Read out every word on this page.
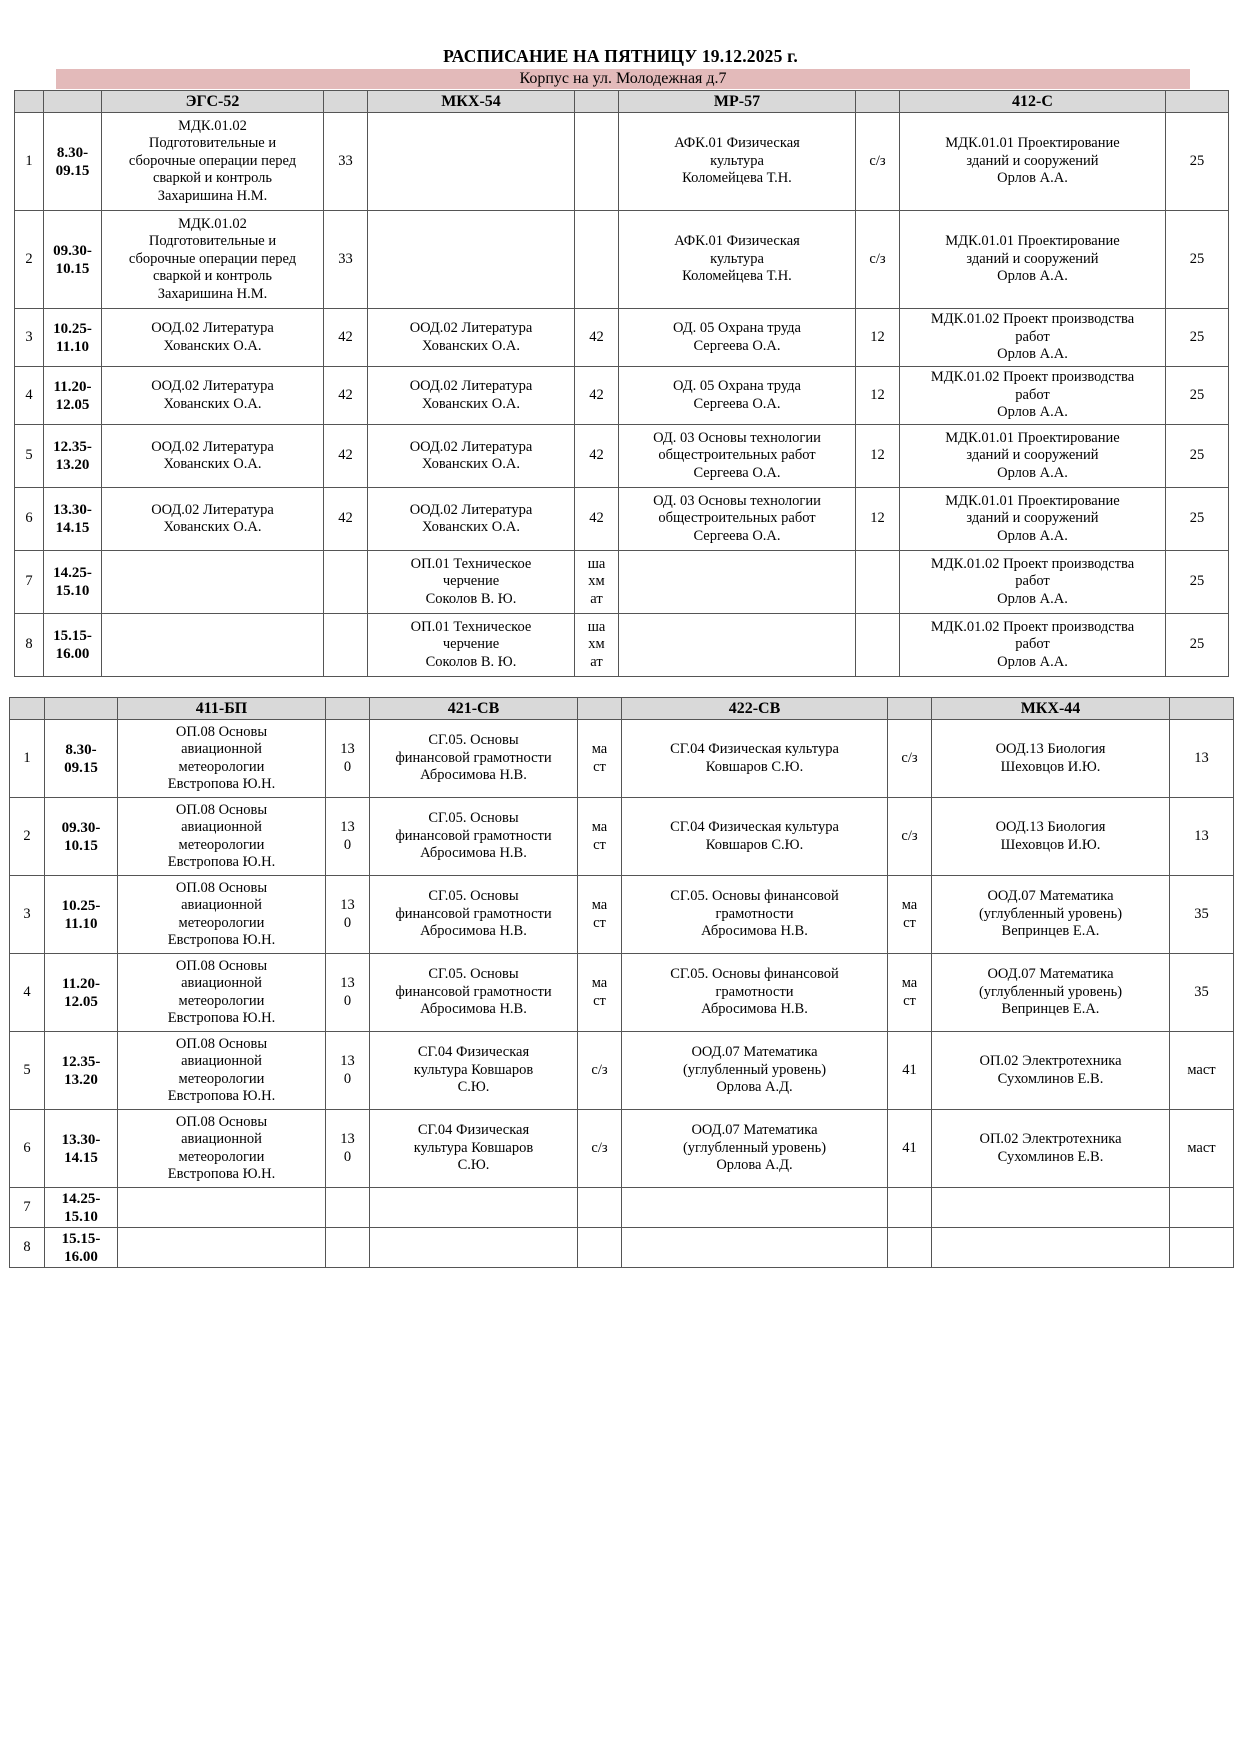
РАСПИСАНИЕ НА ПЯТНИЦУ 19.12.2025 г.
Корпус на ул. Молодежная д.7
		ЭГС-52		МКХ-54		МР-57		412-С	
1	8.30-
09.15	МДК.01.02
Подготовительные и
сборочные операции перед
сваркой и контроль
Захаришина Н.М.	33			АФК.01 Физическая
культура
Коломейцева Т.Н.	с/з	МДК.01.01 Проектирование
зданий и сооружений
Орлов А.А.	25
2	09.30-
10.15	МДК.01.02
Подготовительные и
сборочные операции перед
сваркой и контроль
Захаришина Н.М.	33			АФК.01 Физическая
культура
Коломейцева Т.Н.	с/з	МДК.01.01 Проектирование
зданий и сооружений
Орлов А.А.	25
3	10.25-
11.10	ООД.02 Литература
Хованских О.А.	42	ООД.02 Литература
Хованских О.А.	42	ОД. 05 Охрана труда
Сергеева О.А.	12	МДК.01.02 Проект производства
работ
Орлов А.А.	25
4	11.20-
12.05	ООД.02 Литература
Хованских О.А.	42	ООД.02 Литература
Хованских О.А.	42	ОД. 05 Охрана труда
Сергеева О.А.	12	МДК.01.02 Проект производства
работ
Орлов А.А.	25
5	12.35-
13.20	ООД.02 Литература
Хованских О.А.	42	ООД.02 Литература
Хованских О.А.	42	ОД. 03 Основы технологии
общестроительных работ
Сергеева О.А.	12	МДК.01.01 Проектирование
зданий и сооружений
Орлов А.А.	25
6	13.30-
14.15	ООД.02 Литература
Хованских О.А.	42	ООД.02 Литература
Хованских О.А.	42	ОД. 03 Основы технологии
общестроительных работ
Сергеева О.А.	12	МДК.01.01 Проектирование
зданий и сооружений
Орлов А.А.	25
7	14.25-
15.10			ОП.01 Техническое
черчение
Соколов В. Ю.	ша
хм
ат			МДК.01.02 Проект производства
работ
Орлов А.А.	25
8	15.15-
16.00			ОП.01 Техническое
черчение
Соколов В. Ю.	ша
хм
ат			МДК.01.02 Проект производства
работ
Орлов А.А.	25
		411-БП		421-СВ		422-СВ		МКХ-44	
1	8.30-
09.15	ОП.08 Основы
авиационной
метеорологии
Евстропова Ю.Н.	13
0	СГ.05. Основы
финансовой грамотности
Абросимова Н.В.	ма
ст	СГ.04 Физическая культура
Ковшаров С.Ю.	с/з	ООД.13 Биология
Шеховцов И.Ю.	13
2	09.30-
10.15	ОП.08 Основы
авиационной
метеорологии
Евстропова Ю.Н.	13
0	СГ.05. Основы
финансовой грамотности
Абросимова Н.В.	ма
ст	СГ.04 Физическая культура
Ковшаров С.Ю.	с/з	ООД.13 Биология
Шеховцов И.Ю.	13
3	10.25-
11.10	ОП.08 Основы
авиационной
метеорологии
Евстропова Ю.Н.	13
0	СГ.05. Основы
финансовой грамотности
Абросимова Н.В.	ма
ст	СГ.05. Основы финансовой
грамотности
Абросимова Н.В.	ма
ст	ООД.07 Математика
(углубленный уровень)
Вепринцев Е.А.	35
4	11.20-
12.05	ОП.08 Основы
авиационной
метеорологии
Евстропова Ю.Н.	13
0	СГ.05. Основы
финансовой грамотности
Абросимова Н.В.	ма
ст	СГ.05. Основы финансовой
грамотности
Абросимова Н.В.	ма
ст	ООД.07 Математика
(углубленный уровень)
Вепринцев Е.А.	35
5	12.35-
13.20	ОП.08 Основы
авиационной
метеорологии
Евстропова Ю.Н.	13
0	СГ.04 Физическая
культура Ковшаров
С.Ю.	с/з	ООД.07 Математика
(углубленный уровень)
Орлова А.Д.	41	ОП.02 Электротехника
Сухомлинов Е.В.	маст
6	13.30-
14.15	ОП.08 Основы
авиационной
метеорологии
Евстропова Ю.Н.	13
0	СГ.04 Физическая
культура Ковшаров
С.Ю.	с/з	ООД.07 Математика
(углубленный уровень)
Орлова А.Д.	41	ОП.02 Электротехника
Сухомлинов Е.В.	маст
7	14.25-
15.10								
8	15.15-
16.00								
